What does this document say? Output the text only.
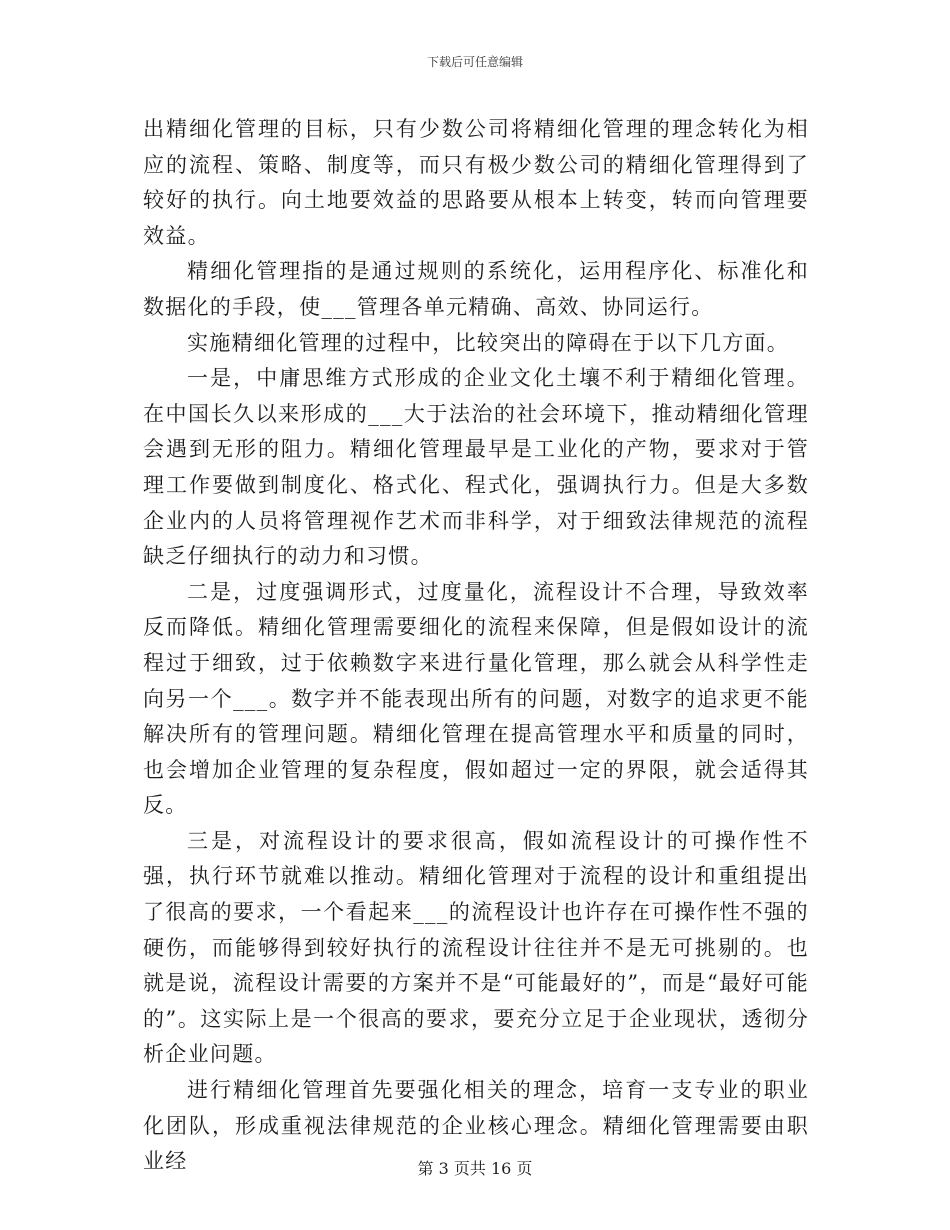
下载后可任意编辑

出精细化管理的目标，只有少数公司将精细化管理的理念转化为相应的流程、策略、制度等，而只有极少数公司的精细化管理得到了较好的执行。向土地要效益的思路要从根本上转变，转而向管理要效益。

精细化管理指的是通过规则的系统化，运用程序化、标准化和数据化的手段，使___管理各单元精确、高效、协同运行。

实施精细化管理的过程中，比较突出的障碍在于以下几方面。

一是，中庸思维方式形成的企业文化土壤不利于精细化管理。在中国长久以来形成的___大于法治的社会环境下，推动精细化管理会遇到无形的阻力。精细化管理最早是工业化的产物，要求对于管理工作要做到制度化、格式化、程式化，强调执行力。但是大多数企业内的人员将管理视作艺术而非科学，对于细致法律规范的流程缺乏仔细执行的动力和习惯。

二是，过度强调形式，过度量化，流程设计不合理，导致效率反而降低。精细化管理需要细化的流程来保障，但是假如设计的流程过于细致，过于依赖数字来进行量化管理，那么就会从科学性走向另一个___。数字并不能表现出所有的问题，对数字的追求更不能解决所有的管理问题。精细化管理在提高管理水平和质量的同时，也会增加企业管理的复杂程度，假如超过一定的界限，就会适得其反。

三是，对流程设计的要求很高，假如流程设计的可操作性不强，执行环节就难以推动。精细化管理对于流程的设计和重组提出了很高的要求，一个看起来___的流程设计也许存在可操作性不强的硬伤，而能够得到较好执行的流程设计往往并不是无可挑剔的。也就是说，流程设计需要的方案并不是“可能最好的”，而是“最好可能的”。这实际上是一个很高的要求，要充分立足于企业现状，透彻分析企业问题。

进行精细化管理首先要强化相关的理念，培育一支专业的职业化团队，形成重视法律规范的企业核心理念。精细化管理需要由职业经	第 3 页共 16 页
